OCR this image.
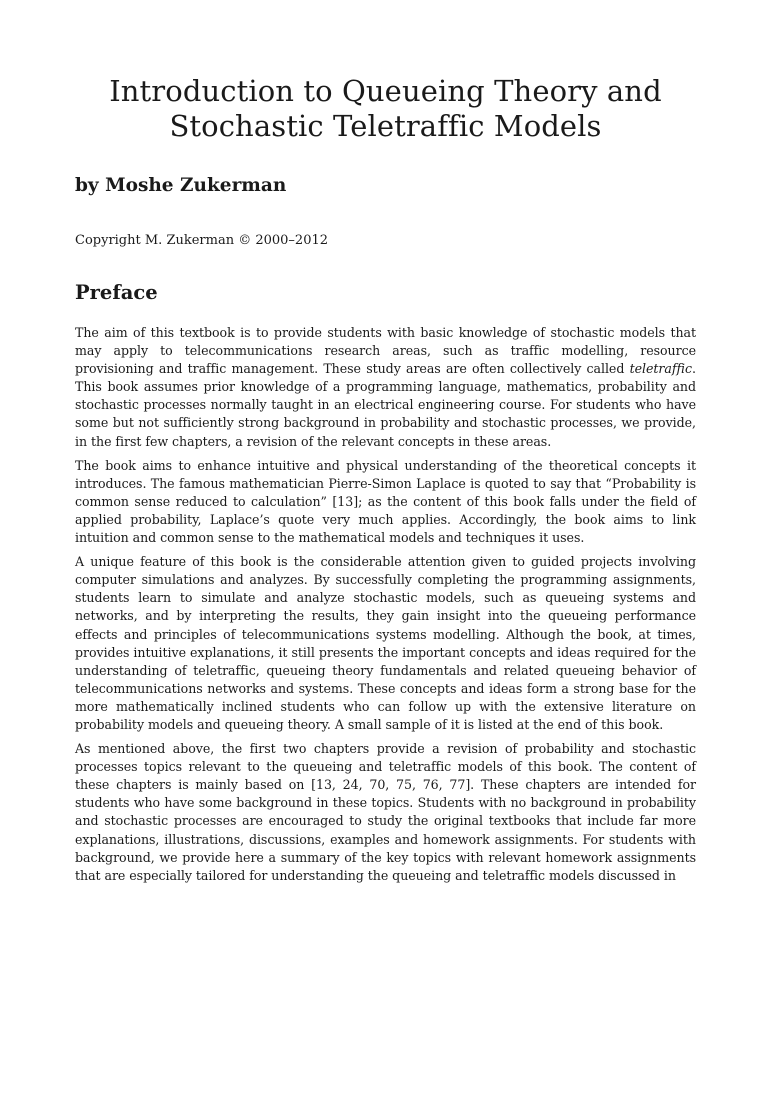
Introduction to Queueing Theory and
Stochastic Teletraffic Models
by Moshe Zukerman
Copyright M. Zukerman © 2000–2012
Preface

The aim of this textbook is to provide students with basic knowledge of stochastic models that may apply to telecommunications research areas, such as traffic modelling, resource provisioning and traffic management. These study areas are often collectively called teletraffic. This book assumes prior knowledge of a programming language, mathematics, probability and stochastic processes normally taught in an electrical engineering course. For students who have some but not sufficiently strong background in probability and stochastic processes, we provide, in the first few chapters, a revision of the relevant concepts in these areas.

The book aims to enhance intuitive and physical understanding of the theoretical concepts it introduces. The famous mathematician Pierre-Simon Laplace is quoted to say that “Probability is common sense reduced to calculation” [13]; as the content of this book falls under the field of applied probability, Laplace’s quote very much applies. Accordingly, the book aims to link intuition and common sense to the mathematical models and techniques it uses.

A unique feature of this book is the considerable attention given to guided projects involving computer simulations and analyzes. By successfully completing the programming assignments, students learn to simulate and analyze stochastic models, such as queueing systems and networks, and by interpreting the results, they gain insight into the queueing performance effects and principles of telecommunications systems modelling. Although the book, at times, provides intuitive explanations, it still presents the important concepts and ideas required for the understanding of teletraffic, queueing theory fundamentals and related queueing behavior of telecommunications networks and systems. These concepts and ideas form a strong base for the more mathematically inclined students who can follow up with the extensive literature on probability models and queueing theory. A small sample of it is listed at the end of this book.

As mentioned above, the first two chapters provide a revision of probability and stochastic processes topics relevant to the queueing and teletraffic models of this book. The content of these chapters is mainly based on [13, 24, 70, 75, 76, 77]. These chapters are intended for students who have some background in these topics. Students with no background in probability and stochastic processes are encouraged to study the original textbooks that include far more explanations, illustrations, discussions, examples and homework assignments. For students with background, we provide here a summary of the key topics with relevant homework assignments that are especially tailored for understanding the queueing and teletraffic models discussed in
